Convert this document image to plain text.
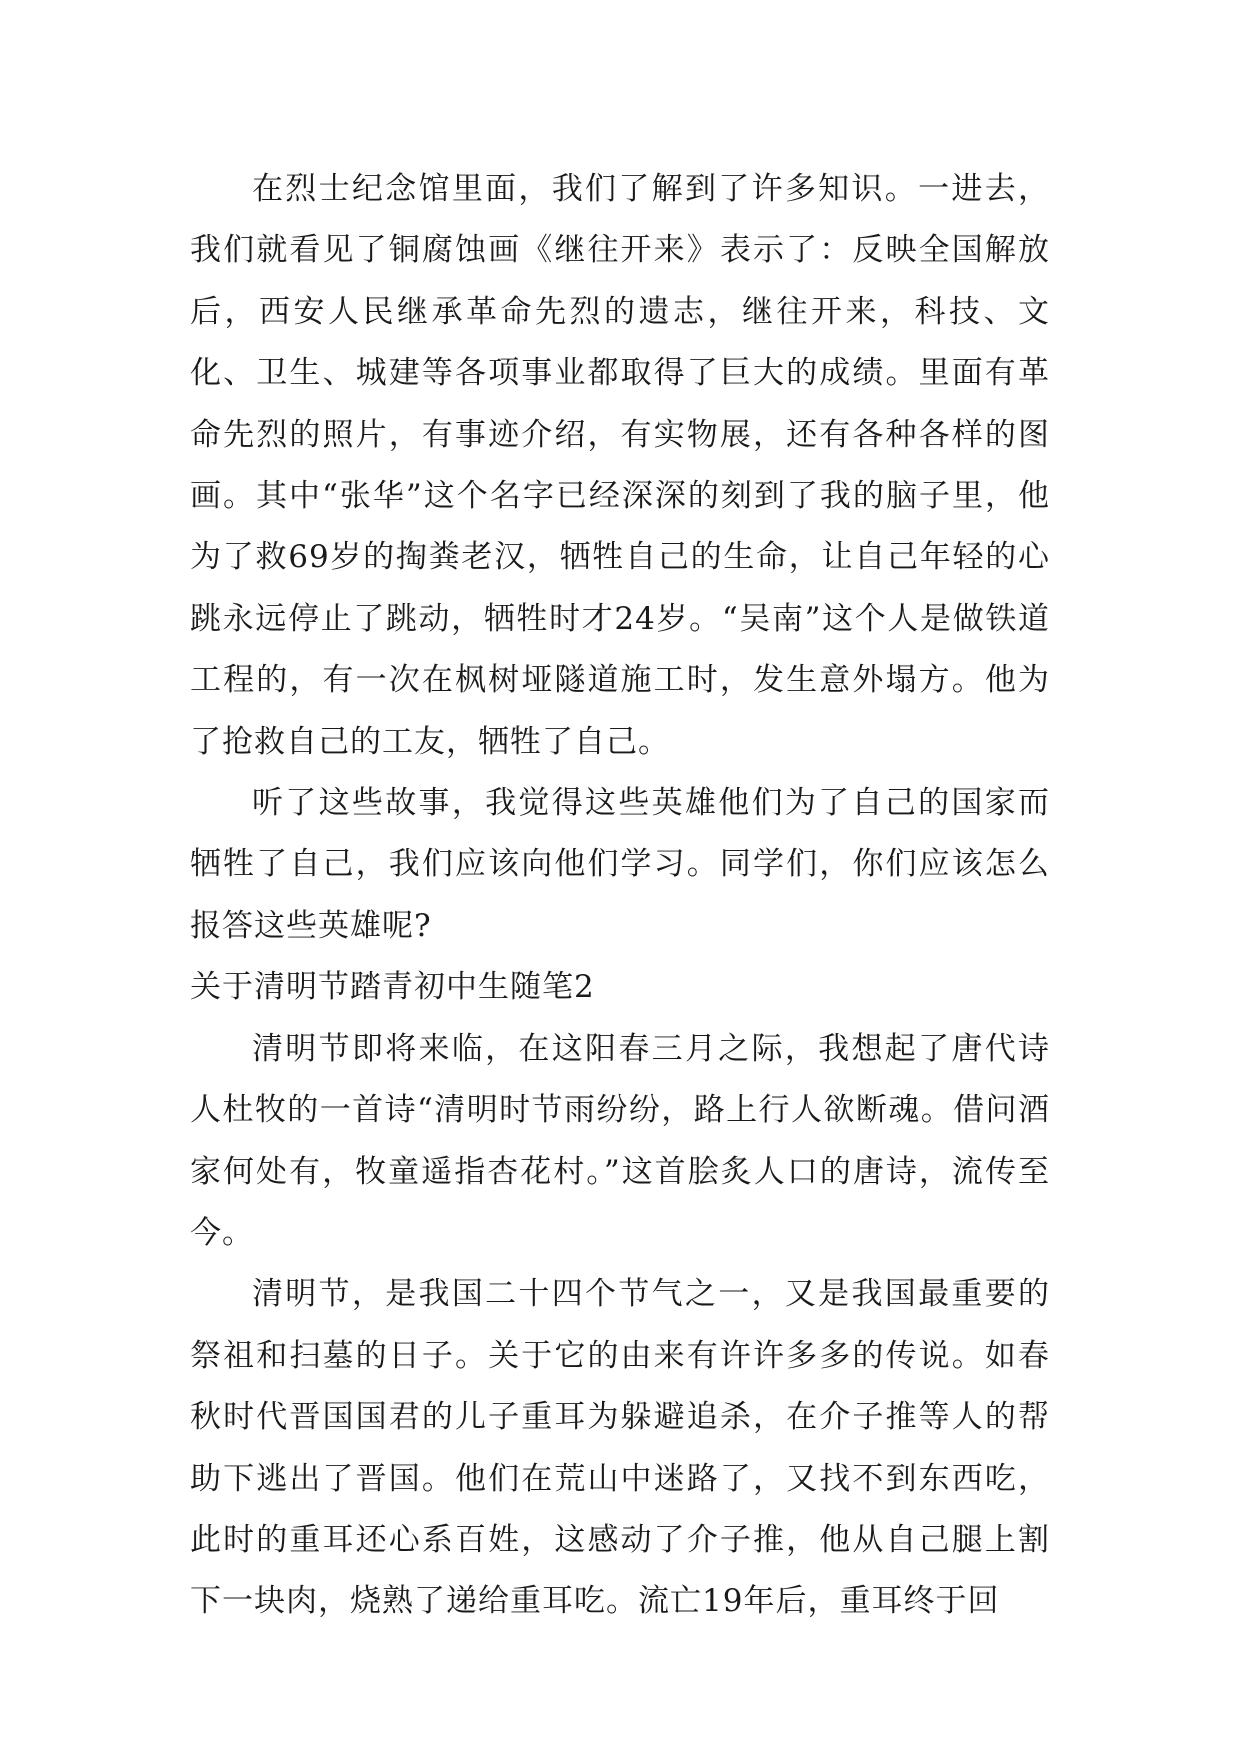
在烈士纪念馆里面，我们了解到了许多知识。一进去，我们就看见了铜腐蚀画《继往开来》表示了：反映全国解放后，西安人民继承革命先烈的遗志，继往开来，科技、文化、卫生、城建等各项事业都取得了巨大的成绩。里面有革命先烈的照片，有事迹介绍，有实物展，还有各种各样的图画。其中“张华”这个名字已经深深的刻到了我的脑子里，他为了救69岁的掏粪老汉，牺牲自己的生命，让自己年轻的心跳永远停止了跳动，牺牲时才24岁。“吴南”这个人是做铁道工程的，有一次在枫树垭隧道施工时，发生意外塌方。他为了抢救自己的工友，牺牲了自己。

听了这些故事，我觉得这些英雄他们为了自己的国家而牺牲了自己，我们应该向他们学习。同学们，你们应该怎么报答这些英雄呢?

关于清明节踏青初中生随笔2

清明节即将来临，在这阳春三月之际，我想起了唐代诗人杜牧的一首诗“清明时节雨纷纷，路上行人欲断魂。借问酒家何处有，牧童遥指杏花村。”这首脍炙人口的唐诗，流传至今。

清明节，是我国二十四个节气之一，又是我国最重要的祭祖和扫墓的日子。关于它的由来有许许多多的传说。如春秋时代晋国国君的儿子重耳为躲避追杀，在介子推等人的帮助下逃出了晋国。他们在荒山中迷路了，又找不到东西吃，此时的重耳还心系百姓，这感动了介子推，他从自己腿上割下一块肉，烧熟了递给重耳吃。流亡19年后，重耳终于回
